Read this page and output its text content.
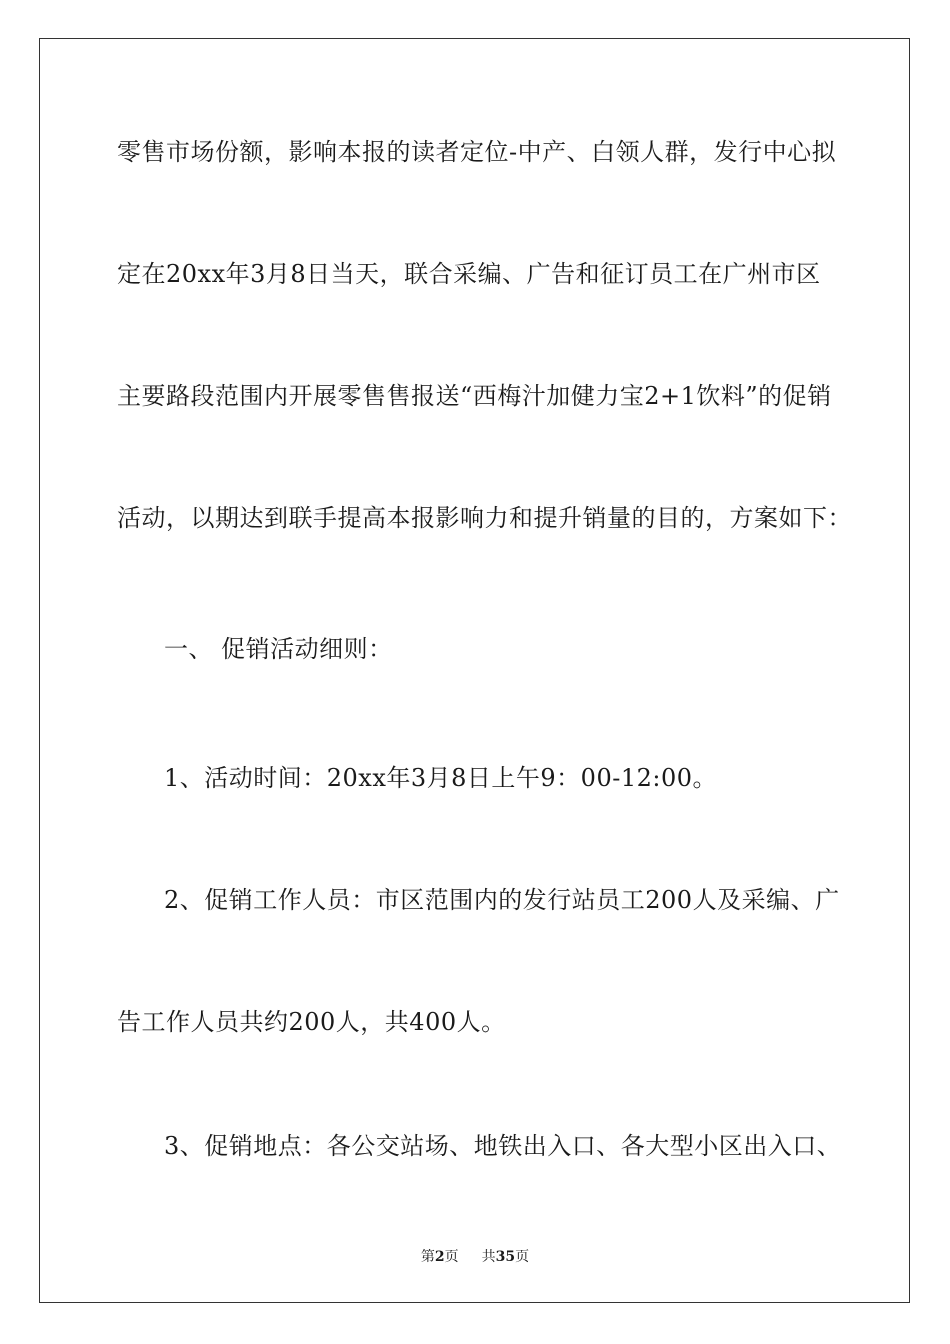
零售市场份额，影响本报的读者定位-中产、白领人群，发行中心拟
定在20xx年3月8日当天，联合采编、广告和征订员工在广州市区
主要路段范围内开展零售售报送“西梅汁加健力宝2+1饮料”的促销
活动，以期达到联手提高本报影响力和提升销量的目的，方案如下：
一、 促销活动细则：
1、活动时间：20xx年3月8日上午9：00-12:00。
2、促销工作人员：市区范围内的发行站员工200人及采编、广
告工作人员共约200人，共400人。
3、促销地点：各公交站场、地铁出入口、各大型小区出入口、
第2页 共35页
